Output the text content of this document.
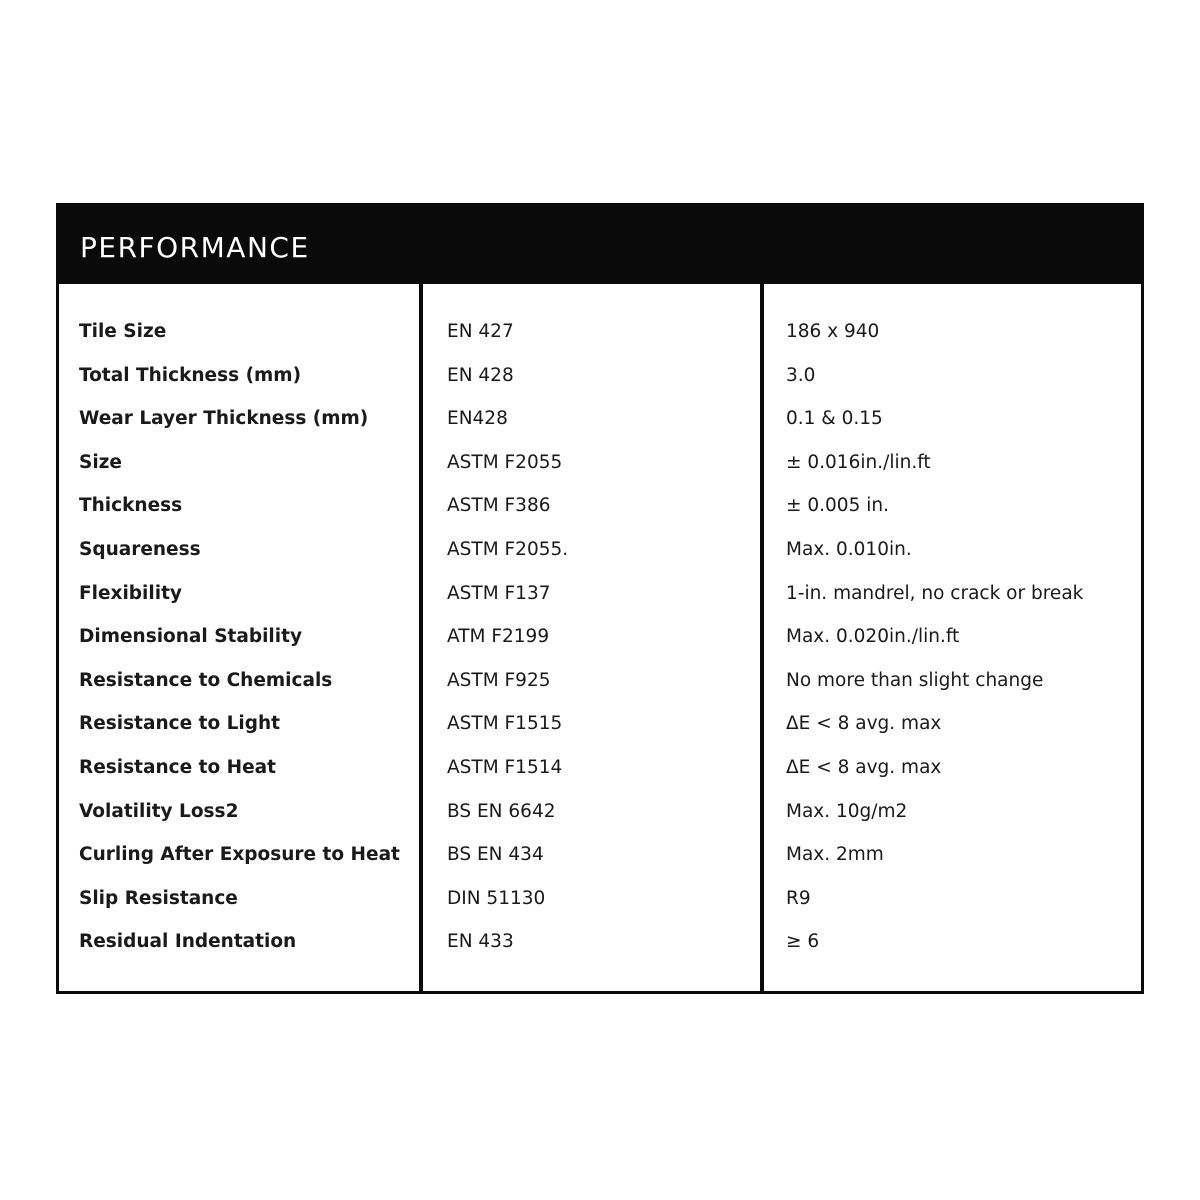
PERFORMANCE
Tile Size	EN 427	186 x 940
Total Thickness (mm)	EN 428	3.0
Wear Layer Thickness (mm)	EN428	0.1 & 0.15
Size	ASTM F2055	± 0.016in./lin.ft
Thickness	ASTM F386	± 0.005 in.
Squareness	ASTM F2055.	Max. 0.010in.
Flexibility	ASTM F137	1-in. mandrel, no crack or break
Dimensional Stability	ATM F2199	Max. 0.020in./lin.ft
Resistance to Chemicals	ASTM F925	No more than slight change
Resistance to Light	ASTM F1515	ΔE < 8 avg. max
Resistance to Heat	ASTM F1514	ΔE < 8 avg. max
Volatility Loss2	BS EN 6642	Max. 10g/m2
Curling After Exposure to Heat	BS EN 434	Max. 2mm
Slip Resistance	DIN 51130	R9
Residual Indentation	EN 433	≥ 6
